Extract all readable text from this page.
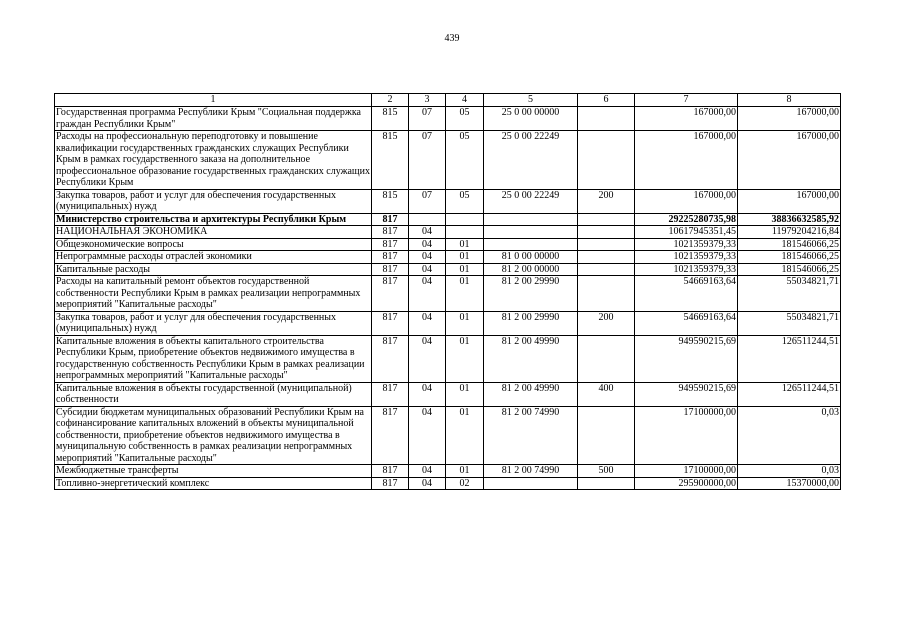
439
1	2	3	4	5	6	7	8
Государственная программа Республики Крым "Социальная поддержка граждан Республики Крым"	815	07	05	25 0 00 00000		167000,00	167000,00
Расходы на профессиональную переподготовку и повышение квалификации государственных гражданских служащих Республики Крым в рамках государственного заказа на дополнительное профессиональное образование государственных гражданских служащих Республики Крым	815	07	05	25 0 00 22249		167000,00	167000,00
Закупка товаров, работ и услуг для обеспечения государственных (муниципальных) нужд	815	07	05	25 0 00 22249	200	167000,00	167000,00
Министерство строительства и архитектуры Республики Крым	817					29225280735,98	38836632585,92
НАЦИОНАЛЬНАЯ ЭКОНОМИКА	817	04				10617945351,45	11979204216,84
Общеэкономические вопросы	817	04	01			1021359379,33	181546066,25
Непрограммные расходы отраслей экономики	817	04	01	81 0 00 00000		1021359379,33	181546066,25
Капитальные расходы	817	04	01	81 2 00 00000		1021359379,33	181546066,25
Расходы на капитальный ремонт объектов государственной собственности Республики Крым в рамках реализации непрограммных мероприятий "Капитальные расходы"	817	04	01	81 2 00 29990		54669163,64	55034821,71
Закупка товаров, работ и услуг для обеспечения государственных (муниципальных) нужд	817	04	01	81 2 00 29990	200	54669163,64	55034821,71
Капитальные вложения в объекты капитального строительства Республики Крым, приобретение объектов недвижимого имущества в государственную собственность Республики Крым в рамках реализации непрограммных мероприятий "Капитальные расходы"	817	04	01	81 2 00 49990		949590215,69	126511244,51
Капитальные вложения в объекты государственной (муниципальной) собственности	817	04	01	81 2 00 49990	400	949590215,69	126511244,51
Субсидии бюджетам муниципальных образований Республики Крым на софинансирование капитальных вложений в объекты муниципальной собственности, приобретение объектов недвижимого имущества в муниципальную собственность в рамках реализации непрограммных мероприятий "Капитальные расходы"	817	04	01	81 2 00 74990		17100000,00	0,03
Межбюджетные трансферты	817	04	01	81 2 00 74990	500	17100000,00	0,03
Топливно-энергетический комплекс	817	04	02			295900000,00	15370000,00
